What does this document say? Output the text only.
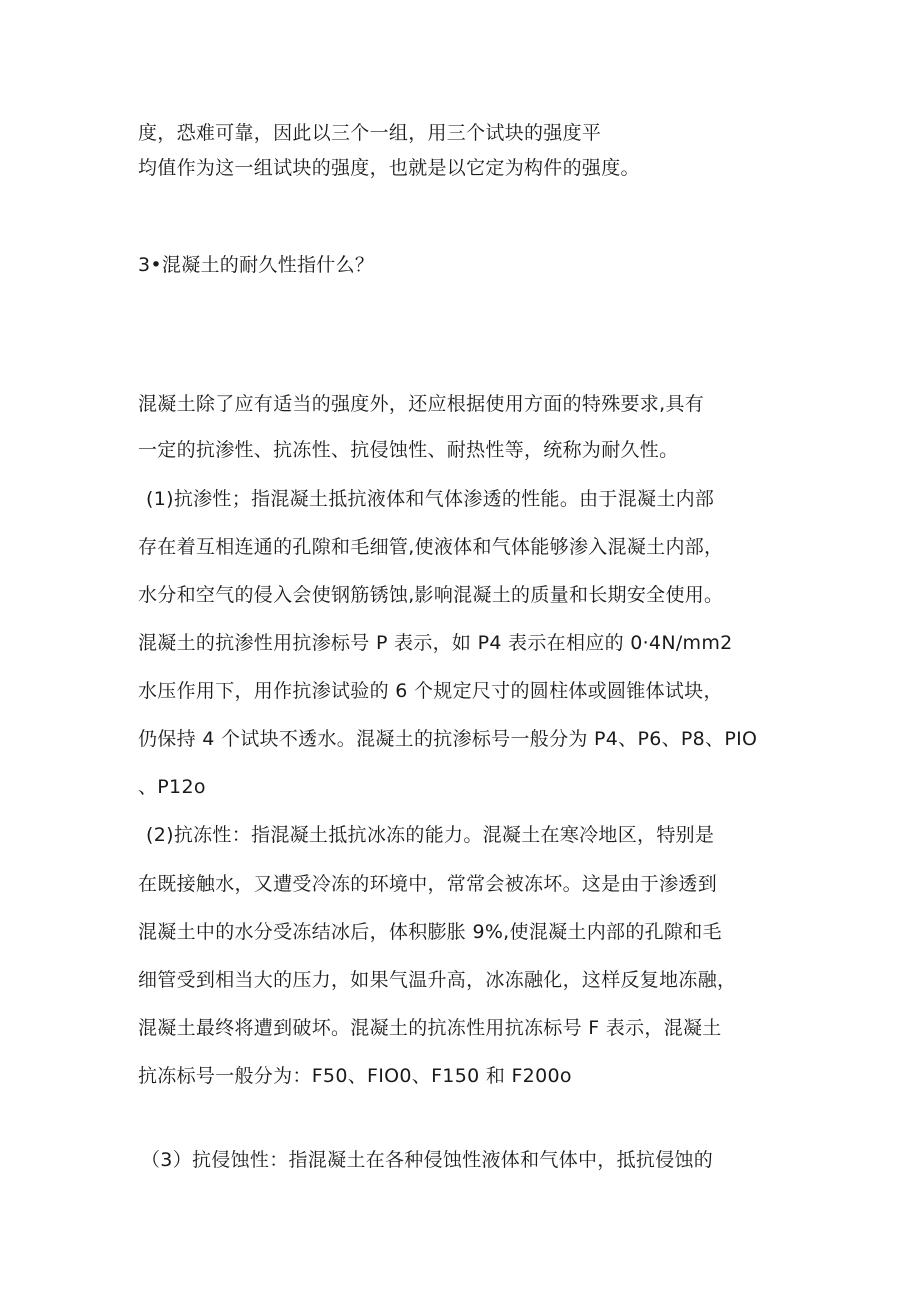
度，恐难可靠，因此以三个一组，用三个试块的强度平
均值作为这一组试块的强度，也就是以它定为构件的强度。
3•混凝土的耐久性指什么？
混凝土除了应有适当的强度外，还应根据使用方面的特殊要求,具有
一定的抗渗性、抗冻性、抗侵蚀性、耐热性等，统称为耐久性。
(1)抗渗性；指混凝土抵抗液体和气体渗透的性能。由于混凝土内部
存在着互相连通的孔隙和毛细管,使液体和气体能够渗入混凝土内部，
水分和空气的侵入会使钢筋锈蚀,影响混凝土的质量和长期安全使用。
混凝土的抗渗性用抗渗标号 P 表示，如 P4 表示在相应的 0·4N/mm2
水压作用下，用作抗渗试验的 6 个规定尺寸的圆柱体或圆锥体试块，
仍保持 4 个试块不透水。混凝土的抗渗标号一般分为 P4、P6、P8、PIO
、P12o
(2)抗冻性：指混凝土抵抗冰冻的能力。混凝土在寒冷地区，特别是
在既接触水，又遭受冷冻的环境中，常常会被冻坏。这是由于渗透到
混凝土中的水分受冻结冰后，体积膨胀 9%,使混凝土内部的孔隙和毛
细管受到相当大的压力，如果气温升高，冰冻融化，这样反复地冻融，
混凝土最终将遭到破坏。混凝土的抗冻性用抗冻标号 F 表示，混凝土
抗冻标号一般分为：F50、FIO0、F150 和 F200o
（3）抗侵蚀性：指混凝土在各种侵蚀性液体和气体中，抵抗侵蚀的
